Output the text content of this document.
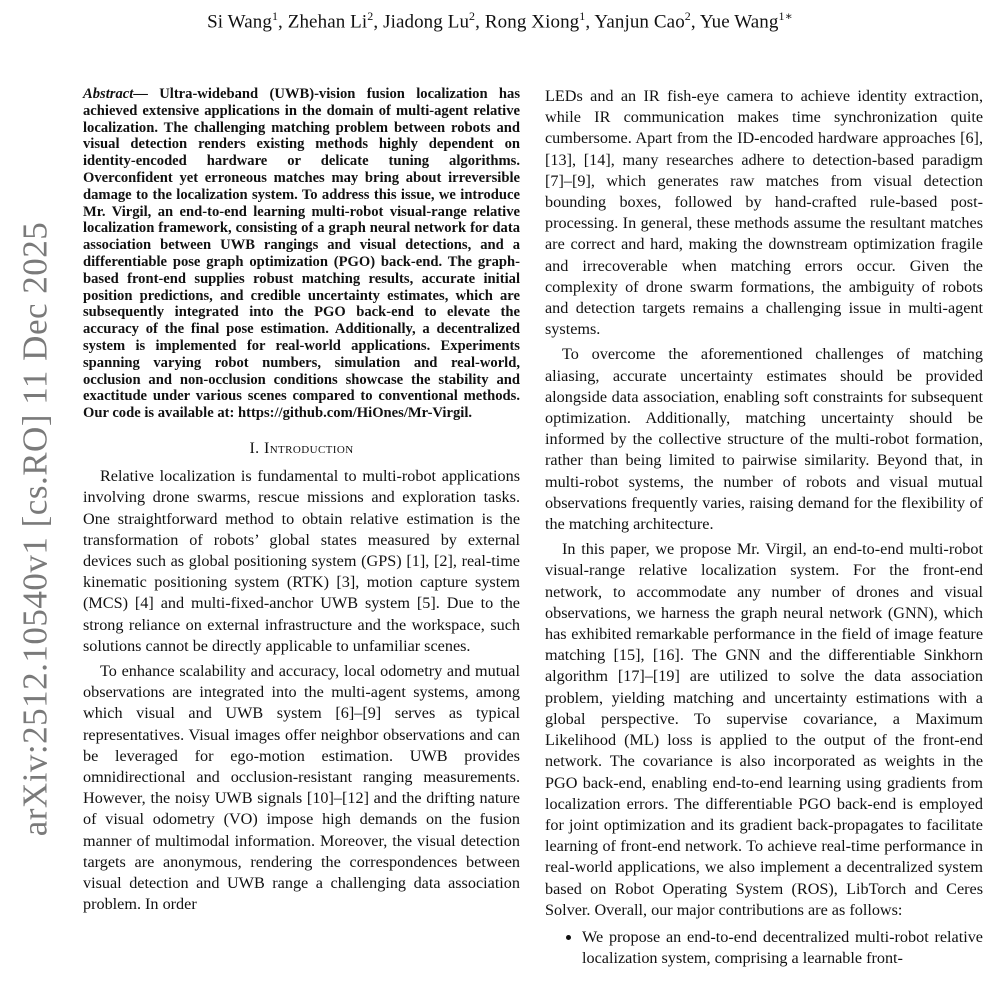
Si Wang$^1$, Zhehan Li$^2$, Jiadong Lu$^2$, Rong Xiong$^1$, Yanjun Cao$^2$, Yue Wang$^{1∗}$
arXiv:2512.10540v1 [cs.RO] 11 Dec 2025
Abstract— Ultra-wideband (UWB)-vision fusion localization has achieved extensive applications in the domain of multi-agent relative localization. The challenging matching problem between robots and visual detection renders existing methods highly dependent on identity-encoded hardware or delicate tuning algorithms. Overconfident yet erroneous matches may bring about irreversible damage to the localization system. To address this issue, we introduce Mr. Virgil, an end-to-end learning multi-robot visual-range relative localization framework, consisting of a graph neural network for data association between UWB rangings and visual detections, and a differentiable pose graph optimization (PGO) back-end. The graph-based front-end supplies robust matching results, accurate initial position predictions, and credible uncertainty estimates, which are subsequently integrated into the PGO back-end to elevate the accuracy of the final pose estimation. Additionally, a decentralized system is implemented for real-world applications. Experiments spanning varying robot numbers, simulation and real-world, occlusion and non-occlusion conditions showcase the stability and exactitude under various scenes compared to conventional methods. Our code is available at: https://github.com/HiOnes/Mr-Virgil.
I. Introduction

Relative localization is fundamental to multi-robot applications involving drone swarms, rescue missions and exploration tasks. One straightforward method to obtain relative estimation is the transformation of robots’ global states measured by external devices such as global positioning system (GPS) [1], [2], real-time kinematic positioning system (RTK) [3], motion capture system (MCS) [4] and multi-fixed-anchor UWB system [5]. Due to the strong reliance on external infrastructure and the workspace, such solutions cannot be directly applicable to unfamiliar scenes.

To enhance scalability and accuracy, local odometry and mutual observations are integrated into the multi-agent systems, among which visual and UWB system [6]–[9] serves as typical representatives. Visual images offer neighbor observations and can be leveraged for ego-motion estimation. UWB provides omnidirectional and occlusion-resistant ranging measurements. However, the noisy UWB signals [10]–[12] and the drifting nature of visual odometry (VO) impose high demands on the fusion manner of multimodal information. Moreover, the visual detection targets are anonymous, rendering the correspondences between visual detection and UWB range a challenging data association problem. In order

LEDs and an IR fish-eye camera to achieve identity extraction, while IR communication makes time synchronization quite cumbersome. Apart from the ID-encoded hardware approaches [6], [13], [14], many researches adhere to detection-based paradigm [7]–[9], which generates raw matches from visual detection bounding boxes, followed by hand-crafted rule-based post-processing. In general, these methods assume the resultant matches are correct and hard, making the downstream optimization fragile and irrecoverable when matching errors occur. Given the complexity of drone swarm formations, the ambiguity of robots and detection targets remains a challenging issue in multi-agent systems.

To overcome the aforementioned challenges of matching aliasing, accurate uncertainty estimates should be provided alongside data association, enabling soft constraints for subsequent optimization. Additionally, matching uncertainty should be informed by the collective structure of the multi-robot formation, rather than being limited to pairwise similarity. Beyond that, in multi-robot systems, the number of robots and visual mutual observations frequently varies, raising demand for the flexibility of the matching architecture.

In this paper, we propose Mr. Virgil, an end-to-end multi-robot visual-range relative localization system. For the front-end network, to accommodate any number of drones and visual observations, we harness the graph neural network (GNN), which has exhibited remarkable performance in the field of image feature matching [15], [16]. The GNN and the differentiable Sinkhorn algorithm [17]–[19] are utilized to solve the data association problem, yielding matching and uncertainty estimations with a global perspective. To supervise covariance, a Maximum Likelihood (ML) loss is applied to the output of the front-end network. The covariance is also incorporated as weights in the PGO back-end, enabling end-to-end learning using gradients from localization errors. The differentiable PGO back-end is employed for joint optimization and its gradient back-propagates to facilitate learning of front-end network. To achieve real-time performance in real-world applications, we also implement a decentralized system based on Robot Operating System (ROS), LibTorch and Ceres Solver. Overall, our major contributions are as follows:

• We propose an end-to-end decentralized multi-robot relative localization system, comprising a learnable front-
